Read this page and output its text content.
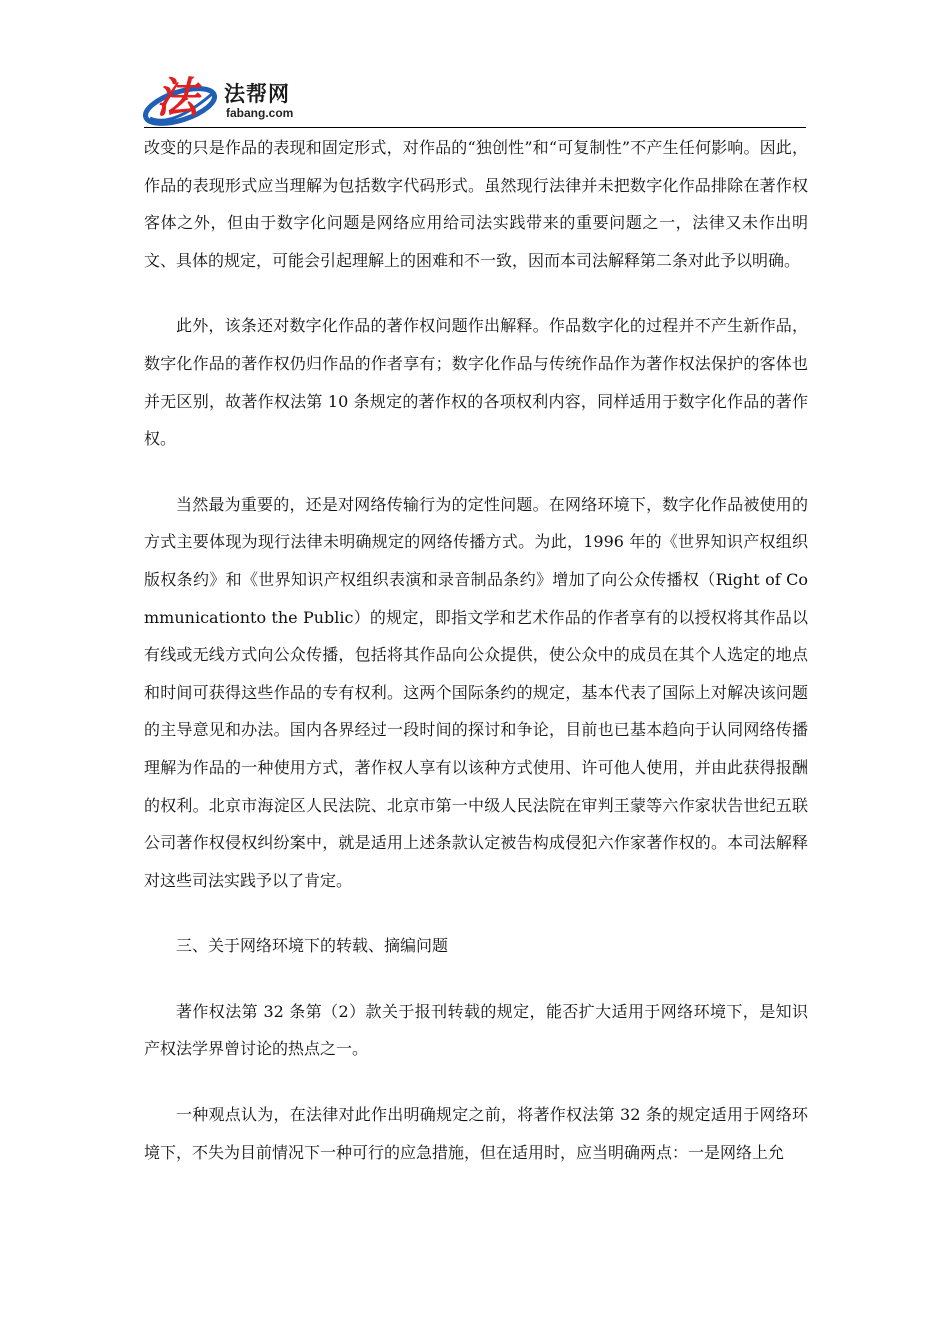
法 法帮网
fabang.com

改变的只是作品的表现和固定形式，对作品的“独创性”和“可复制性”不产生任何影响。因此，作品的表现形式应当理解为包括数字代码形式。虽然现行法律并未把数字化作品排除在著作权客体之外，但由于数字化问题是网络应用给司法实践带来的重要问题之一，法律又未作出明文、具体的规定，可能会引起理解上的困难和不一致，因而本司法解释第二条对此予以明确。

此外，该条还对数字化作品的著作权问题作出解释。作品数字化的过程并不产生新作品，数字化作品的著作权仍归作品的作者享有；数字化作品与传统作品作为著作权法保护的客体也并无区别，故著作权法第 10 条规定的著作权的各项权利内容，同样适用于数字化作品的著作权。

当然最为重要的，还是对网络传输行为的定性问题。在网络环境下，数字化作品被使用的方式主要体现为现行法律未明确规定的网络传播方式。为此，1996 年的《世界知识产权组织版权条约》和《世界知识产权组织表演和录音制品条约》增加了向公众传播权（Right of Communicationto the Public）的规定，即指文学和艺术作品的作者享有的以授权将其作品以有线或无线方式向公众传播，包括将其作品向公众提供，使公众中的成员在其个人选定的地点和时间可获得这些作品的专有权利。这两个国际条约的规定，基本代表了国际上对解决该问题的主导意见和办法。国内各界经过一段时间的探讨和争论，目前也已基本趋向于认同网络传播理解为作品的一种使用方式，著作权人享有以该种方式使用、许可他人使用，并由此获得报酬的权利。北京市海淀区人民法院、北京市第一中级人民法院在审判王蒙等六作家状告世纪五联公司著作权侵权纠纷案中，就是适用上述条款认定被告构成侵犯六作家著作权的。本司法解释对这些司法实践予以了肯定。

三、关于网络环境下的转载、摘编问题

著作权法第 32 条第（2）款关于报刊转载的规定，能否扩大适用于网络环境下，是知识产权法学界曾讨论的热点之一。

一种观点认为，在法律对此作出明确规定之前，将著作权法第 32 条的规定适用于网络环境下，不失为目前情况下一种可行的应急措施，但在适用时，应当明确两点：一是网络上允
